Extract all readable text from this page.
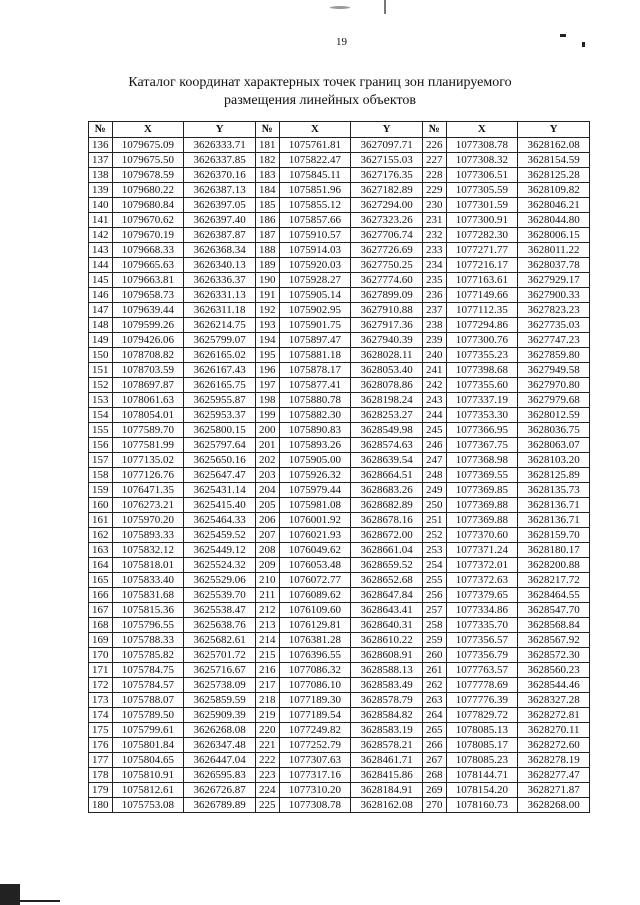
19
Каталог координат характерных точек границ зон планируемого
размещения линейных объектов
№	X	Y	№	X	Y	№	X	Y
136	1079675.09	3626333.71	181	1075761.81	3627097.71	226	1077308.78	3628162.08
137	1079675.50	3626337.85	182	1075822.47	3627155.03	227	1077308.32	3628154.59
138	1079678.59	3626370.16	183	1075845.11	3627176.35	228	1077306.51	3628125.28
139	1079680.22	3626387.13	184	1075851.96	3627182.89	229	1077305.59	3628109.82
140	1079680.84	3626397.05	185	1075855.12	3627294.00	230	1077301.59	3628046.21
141	1079670.62	3626397.40	186	1075857.66	3627323.26	231	1077300.91	3628044.80
142	1079670.19	3626387.87	187	1075910.57	3627706.74	232	1077282.30	3628006.15
143	1079668.33	3626368.34	188	1075914.03	3627726.69	233	1077271.77	3628011.22
144	1079665.63	3626340.13	189	1075920.03	3627750.25	234	1077216.17	3628037.78
145	1079663.81	3626336.37	190	1075928.27	3627774.60	235	1077163.61	3627929.17
146	1079658.73	3626331.13	191	1075905.14	3627899.09	236	1077149.66	3627900.33
147	1079639.44	3626311.18	192	1075902.95	3627910.88	237	1077112.35	3627823.23
148	1079599.26	3626214.75	193	1075901.75	3627917.36	238	1077294.86	3627735.03
149	1079426.06	3625799.07	194	1075897.47	3627940.39	239	1077300.76	3627747.23
150	1078708.82	3626165.02	195	1075881.18	3628028.11	240	1077355.23	3627859.80
151	1078703.59	3626167.43	196	1075878.17	3628053.40	241	1077398.68	3627949.58
152	1078697.87	3626165.75	197	1075877.41	3628078.86	242	1077355.60	3627970.80
153	1078061.63	3625955.87	198	1075880.78	3628198.24	243	1077337.19	3627979.68
154	1078054.01	3625953.37	199	1075882.30	3628253.27	244	1077353.30	3628012.59
155	1077589.70	3625800.15	200	1075890.83	3628549.98	245	1077366.95	3628036.75
156	1077581.99	3625797.64	201	1075893.26	3628574.63	246	1077367.75	3628063.07
157	1077135.02	3625650.16	202	1075905.00	3628639.54	247	1077368.98	3628103.20
158	1077126.76	3625647.47	203	1075926.32	3628664.51	248	1077369.55	3628125.89
159	1076471.35	3625431.14	204	1075979.44	3628683.26	249	1077369.85	3628135.73
160	1076273.21	3625415.40	205	1075981.08	3628682.89	250	1077369.88	3628136.71
161	1075970.20	3625464.33	206	1076001.92	3628678.16	251	1077369.88	3628136.71
162	1075893.33	3625459.52	207	1076021.93	3628672.00	252	1077370.60	3628159.70
163	1075832.12	3625449.12	208	1076049.62	3628661.04	253	1077371.24	3628180.17
164	1075818.01	3625524.32	209	1076053.48	3628659.52	254	1077372.01	3628200.88
165	1075833.40	3625529.06	210	1076072.77	3628652.68	255	1077372.63	3628217.72
166	1075831.68	3625539.70	211	1076089.62	3628647.84	256	1077379.65	3628464.55
167	1075815.36	3625538.47	212	1076109.60	3628643.41	257	1077334.86	3628547.70
168	1075796.55	3625638.76	213	1076129.81	3628640.31	258	1077335.70	3628568.84
169	1075788.33	3625682.61	214	1076381.28	3628610.22	259	1077356.57	3628567.92
170	1075785.82	3625701.72	215	1076396.55	3628608.91	260	1077356.79	3628572.30
171	1075784.75	3625716.67	216	1077086.32	3628588.13	261	1077763.57	3628560.23
172	1075784.57	3625738.09	217	1077086.10	3628583.49	262	1077778.69	3628544.46
173	1075788.07	3625859.59	218	1077189.30	3628578.79	263	1077776.39	3628327.28
174	1075789.50	3625909.39	219	1077189.54	3628584.82	264	1077829.72	3628272.81
175	1075799.61	3626268.08	220	1077249.82	3628583.19	265	1078085.13	3628270.11
176	1075801.84	3626347.48	221	1077252.79	3628578.21	266	1078085.17	3628272.60
177	1075804.65	3626447.04	222	1077307.63	3628461.71	267	1078085.23	3628278.19
178	1075810.91	3626595.83	223	1077317.16	3628415.86	268	1078144.71	3628277.47
179	1075812.61	3626726.87	224	1077310.20	3628184.91	269	1078154.20	3628271.87
180	1075753.08	3626789.89	225	1077308.78	3628162.08	270	1078160.73	3628268.00
